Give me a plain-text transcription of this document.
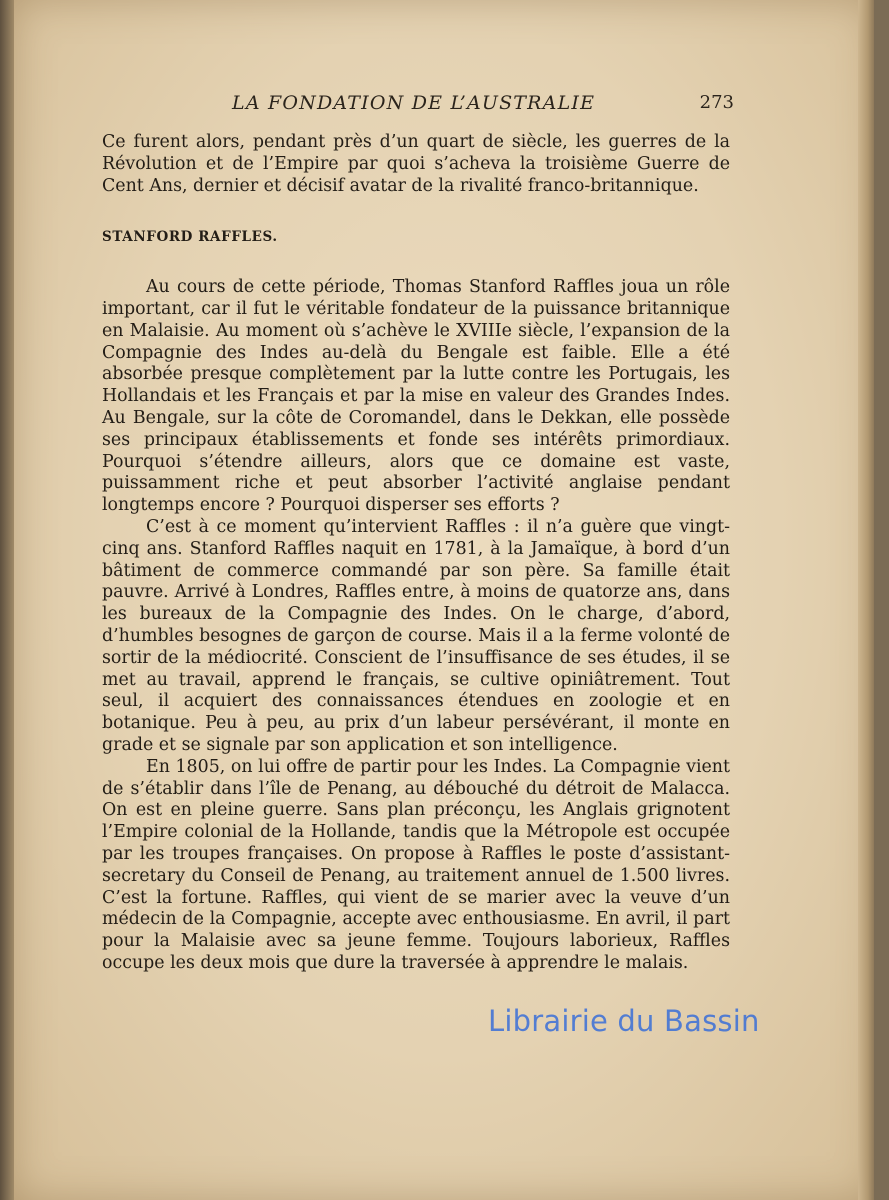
LA FONDATION DE L’AUSTRALIE	273

Ce furent alors, pendant près d’un quart de siècle, les guerres de la Révolution et de l’Empire par quoi s’acheva la troisième Guerre de Cent Ans, dernier et décisif avatar de la rivalité franco-britannique.

STANFORD RAFFLES.

Au cours de cette période, Thomas Stanford Raffles joua un rôle important, car il fut le véritable fondateur de la puissance britannique en Malaisie. Au moment où s’achève le XVIIIe siècle, l’expansion de la Compagnie des Indes au-delà du Bengale est faible. Elle a été absorbée presque complètement par la lutte contre les Portugais, les Hollandais et les Français et par la mise en valeur des Grandes Indes. Au Bengale, sur la côte de Coromandel, dans le Dekkan, elle possède ses principaux établissements et fonde ses intérêts primordiaux. Pourquoi s’étendre ailleurs, alors que ce domaine est vaste, puissamment riche et peut absorber l’activité anglaise pendant longtemps encore ? Pourquoi disperser ses efforts ?

C’est à ce moment qu’intervient Raffles : il n’a guère que vingt-cinq ans. Stanford Raffles naquit en 1781, à la Jamaïque, à bord d’un bâtiment de commerce commandé par son père. Sa famille était pauvre. Arrivé à Londres, Raffles entre, à moins de quatorze ans, dans les bureaux de la Compagnie des Indes. On le charge, d’abord, d’humbles besognes de garçon de course. Mais il a la ferme volonté de sortir de la médiocrité. Conscient de l’insuffisance de ses études, il se met au travail, apprend le français, se cultive opiniâtrement. Tout seul, il acquiert des connaissances étendues en zoologie et en botanique. Peu à peu, au prix d’un labeur persévérant, il monte en grade et se signale par son application et son intelligence.

En 1805, on lui offre de partir pour les Indes. La Compagnie vient de s’établir dans l’île de Penang, au débouché du détroit de Malacca. On est en pleine guerre. Sans plan préconçu, les Anglais grignotent l’Empire colonial de la Hollande, tandis que la Métropole est occupée par les troupes françaises. On propose à Raffles le poste d’assistant-secretary du Conseil de Penang, au traitement annuel de 1.500 livres. C’est la fortune. Raffles, qui vient de se marier avec la veuve d’un médecin de la Compagnie, accepte avec enthousiasme. En avril, il part pour la Malaisie avec sa jeune femme. Toujours laborieux, Raffles occupe les deux mois que dure la traversée à apprendre le malais.

Librairie du Bassin
